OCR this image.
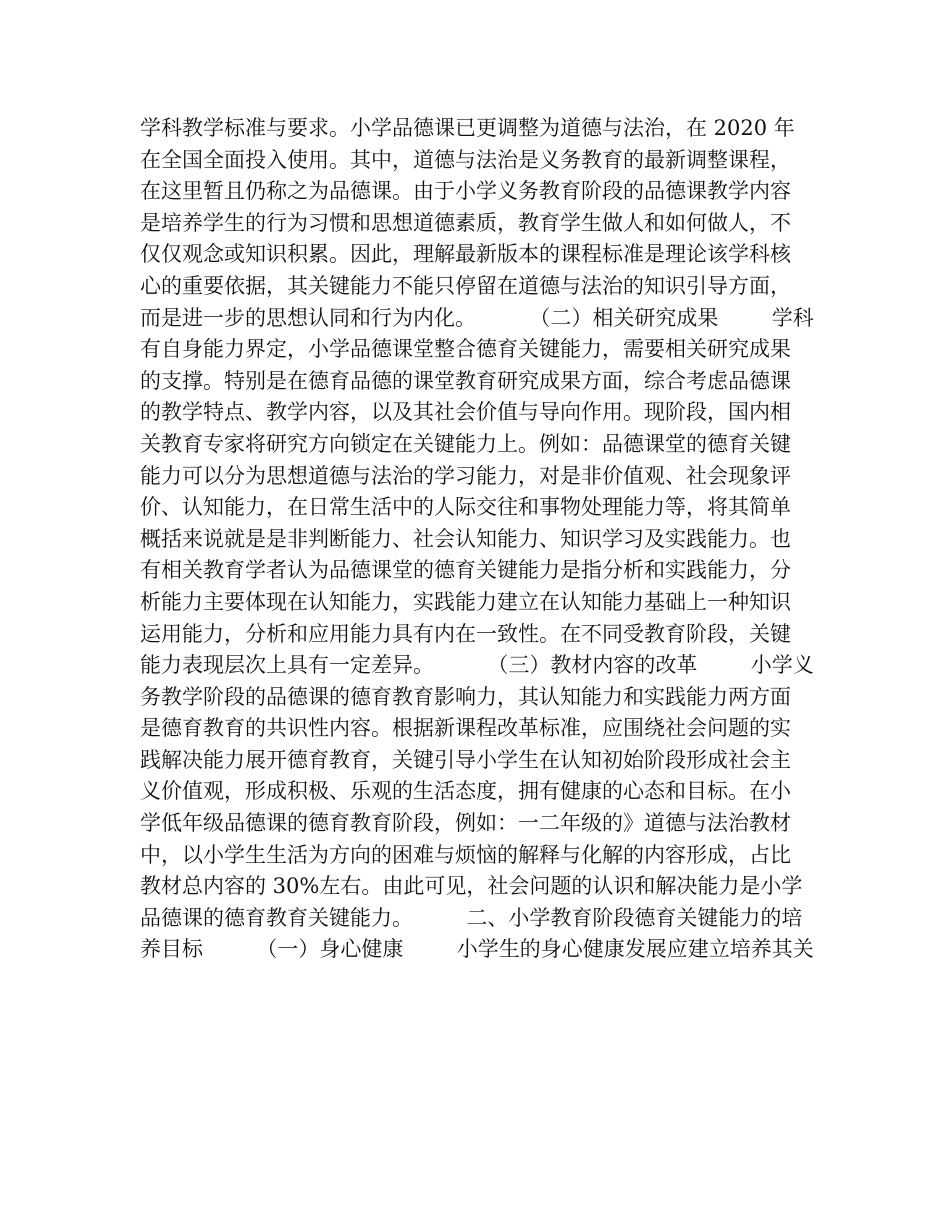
学科教学标准与要求。小学品德课已更调整为道德与法治，在 2020 年
在全国全面投入使用。其中，道德与法治是义务教育的最新调整课程，
在这里暂且仍称之为品德课。由于小学义务教育阶段的品德课教学内容
是培养学生的行为习惯和思想道德素质，教育学生做人和如何做人，不
仅仅观念或知识积累。因此，理解最新版本的课程标准是理论该学科核
心的重要依据，其关键能力不能只停留在道德与法治的知识引导方面，
而是进一步的思想认同和行为内化。        （二）相关研究成果        学科
有自身能力界定，小学品德课堂整合德育关键能力，需要相关研究成果
的支撑。特别是在德育品德的课堂教育研究成果方面，综合考虑品德课
的教学特点、教学内容，以及其社会价值与导向作用。现阶段，国内相
关教育专家将研究方向锁定在关键能力上。例如：品德课堂的德育关键
能力可以分为思想道德与法治的学习能力，对是非价值观、社会现象评
价、认知能力，在日常生活中的人际交往和事物处理能力等，将其简单
概括来说就是是非判断能力、社会认知能力、知识学习及实践能力。也
有相关教育学者认为品德课堂的德育关键能力是指分析和实践能力，分
析能力主要体现在认知能力，实践能力建立在认知能力基础上一种知识
运用能力，分析和应用能力具有内在一致性。在不同受教育阶段，关键
能力表现层次上具有一定差异。        （三）教材内容的改革        小学义
务教学阶段的品德课的德育教育影响力，其认知能力和实践能力两方面
是德育教育的共识性内容。根据新课程改革标准，应围绕社会问题的实
践解决能力展开德育教育，关键引导小学生在认知初始阶段形成社会主
义价值观，形成积极、乐观的生活态度，拥有健康的心态和目标。在小
学低年级品德课的德育教育阶段，例如：一二年级的》道德与法治教材
中，以小学生生活为方向的困难与烦恼的解释与化解的内容形成，占比
教材总内容的 30%左右。由此可见，社会问题的认识和解决能力是小学
品德课的德育教育关键能力。        二、小学教育阶段德育关键能力的培
养目标        （一）身心健康        小学生的身心健康发展应建立培养其关
